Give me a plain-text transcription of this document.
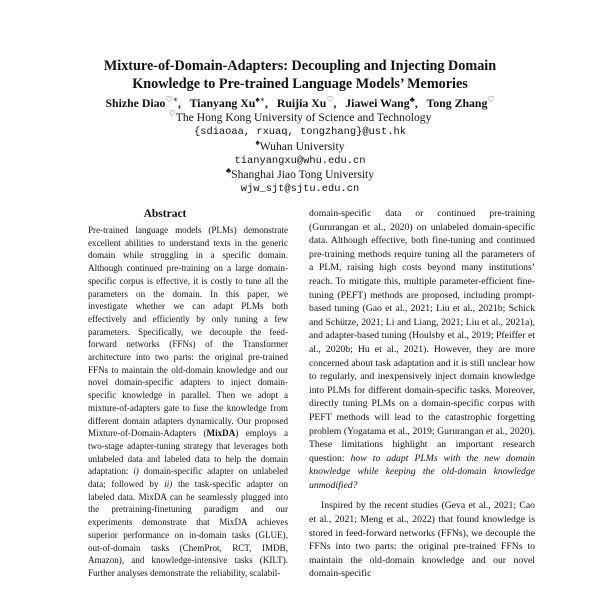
Mixture-of-Domain-Adapters: Decoupling and Injecting Domain
Knowledge to Pre-trained Language Models’ Memories
Shizhe Diao♡∗,   Tianyang Xu♠∗,   Ruijia Xu♡,   Jiawei Wang♣,   Tong Zhang♡
♡The Hong Kong University of Science and Technology
{sdiaoaa, rxuaq, tongzhang}@ust.hk
♠Wuhan University
tianyangxu@whu.edu.cn
♣Shanghai Jiao Tong University
wjw_sjt@sjtu.edu.cn
Abstract
Pre-trained language models (PLMs) demonstrate excellent abilities to understand texts in the generic domain while struggling in a specific domain. Although continued pre-training on a large domain-specific corpus is effective, it is costly to tune all the parameters on the domain. In this paper, we investigate whether we can adapt PLMs both effectively and efficiently by only tuning a few parameters. Specifically, we decouple the feed-forward networks (FFNs) of the Transformer architecture into two parts: the original pre-trained FFNs to maintain the old-domain knowledge and our novel domain-specific adapters to inject domain-specific knowledge in parallel. Then we adopt a mixture-of-adapters gate to fuse the knowledge from different domain adapters dynamically. Our proposed Mixture-of-Domain-Adapters (MixDA) employs a two-stage adapter-tuning strategy that leverages both unlabeled data and labeled data to help the domain adaptation: i) domain-specific adapter on unlabeled data; followed by ii) the task-specific adapter on labeled data. MixDA can be seamlessly plugged into the pretraining-finetuning paradigm and our experiments demonstrate that MixDA achieves superior performance on in-domain tasks (GLUE), out-of-domain tasks (ChemProt, RCT, IMDB, Amazon), and knowledge-intensive tasks (KILT). Further analyses demonstrate the reliability, scalabil-

domain-specific data or continued pre-training (Gururangan et al., 2020) on unlabeled domain-specific data. Although effective, both fine-tuning and continued pre-training methods require tuning all the parameters of a PLM, raising high costs beyond many institutions’ reach. To mitigate this, multiple parameter-efficient fine-tuning (PEFT) methods are proposed, including prompt-based tuning (Gao et al., 2021; Liu et al., 2021b; Schick and Schütze, 2021; Li and Liang, 2021; Liu et al., 2021a), and adapter-based tuning (Houlsby et al., 2019; Pfeiffer et al., 2020b; Hu et al., 2021). However, they are more concerned about task adaptation and it is still unclear how to regularly, and inexpensively inject domain knowledge into PLMs for different domain-specific tasks. Moreover, directly tuning PLMs on a domain-specific corpus with PEFT methods will lead to the catastrophic forgetting problem (Yogatama et al., 2019; Gururangan et al., 2020). These limitations highlight an important research question: how to adapt PLMs with the new domain knowledge while keeping the old-domain knowledge unmodified?

Inspired by the recent studies (Geva et al., 2021; Cao et al., 2021; Meng et al., 2022) that found knowledge is stored in feed-forward networks (FFNs), we decouple the FFNs into two parts: the original pre-trained FFNs to maintain the old-domain knowledge and our novel domain-specific
